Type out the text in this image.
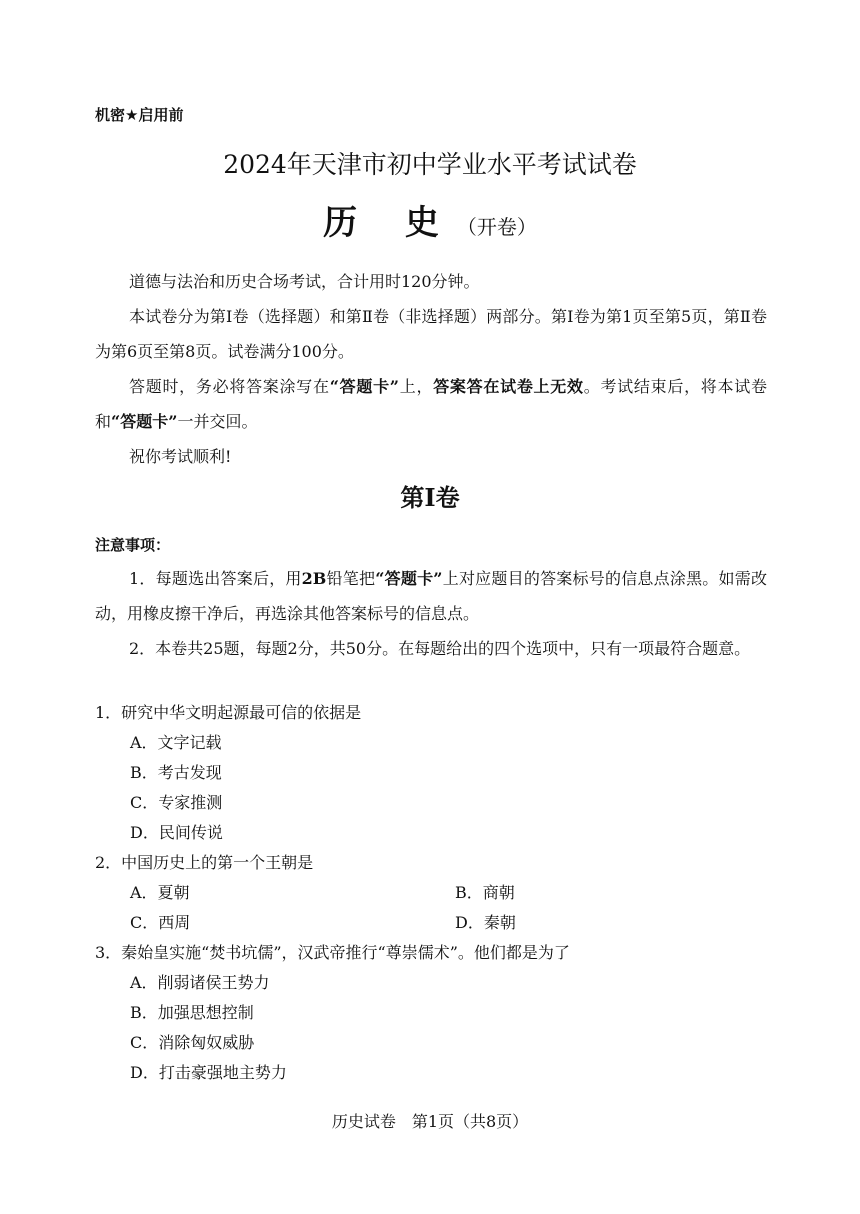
机密★启用前
2024年天津市初中学业水平考试试卷
历 史（开卷）
道德与法治和历史合场考试，合计用时120分钟。
本试卷分为第Ⅰ卷（选择题）和第Ⅱ卷（非选择题）两部分。第Ⅰ卷为第1页至第5页，第Ⅱ卷为第6页至第8页。试卷满分100分。
答题时，务必将答案涂写在“答题卡”上，答案答在试卷上无效。考试结束后，将本试卷和“答题卡”一并交回。
祝你考试顺利!
第Ⅰ卷
注意事项：
1．每题选出答案后，用2B铅笔把“答题卡”上对应题目的答案标号的信息点涂黑。如需改动，用橡皮擦干净后，再选涂其他答案标号的信息点。
2．本卷共25题，每题2分，共50分。在每题给出的四个选项中，只有一项最符合题意。
1．研究中华文明起源最可信的依据是
A．文字记载
B．考古发现
C．专家推测
D．民间传说
2．中国历史上的第一个王朝是
A．夏朝	B．商朝
C．西周	D．秦朝
3．秦始皇实施“焚书坑儒”，汉武帝推行“尊崇儒术”。他们都是为了
A．削弱诸侯王势力
B．加强思想控制
C．消除匈奴威胁
D．打击豪强地主势力
历史试卷　第1页（共8页）
